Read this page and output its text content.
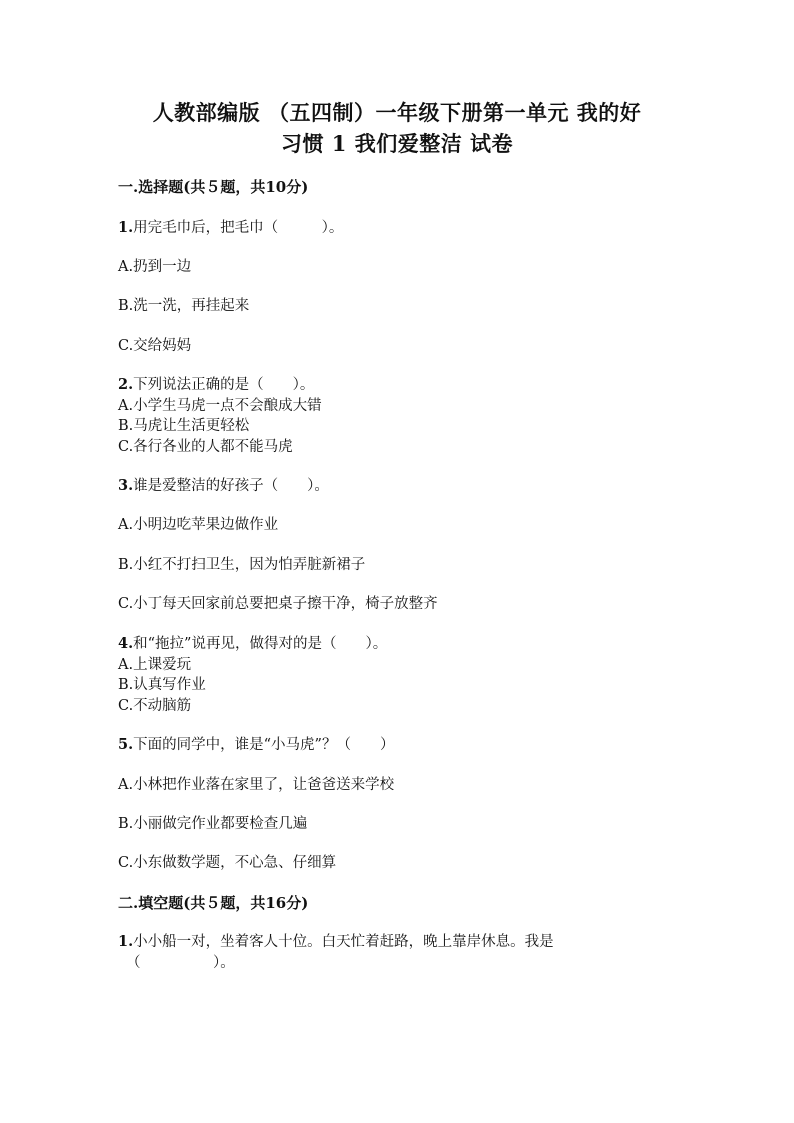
人教部编版 （五四制）一年级下册第一单元 我的好
习惯 1 我们爱整洁 试卷
一.选择题(共５题，共10分)
1.用完毛巾后，把毛巾（　　　）。
A.扔到一边
B.洗一洗，再挂起来
C.交给妈妈
2.下列说法正确的是（　　）。
A.小学生马虎一点不会酿成大错
B.马虎让生活更轻松
C.各行各业的人都不能马虎
3.谁是爱整洁的好孩子（　　）。
A.小明边吃苹果边做作业
B.小红不打扫卫生，因为怕弄脏新裙子
C.小丁每天回家前总要把桌子擦干净，椅子放整齐
4.和“拖拉”说再见，做得对的是（　　）。
A.上课爱玩
B.认真写作业
C.不动脑筋
5.下面的同学中，谁是“小马虎”？（　　）
A.小林把作业落在家里了，让爸爸送来学校
B.小丽做完作业都要检查几遍
C.小东做数学题，不心急、仔细算
二.填空题(共５题，共16分)
1.小小船一对，坐着客人十位。白天忙着赶路，晚上靠岸休息。我是
（　　　　　）。
